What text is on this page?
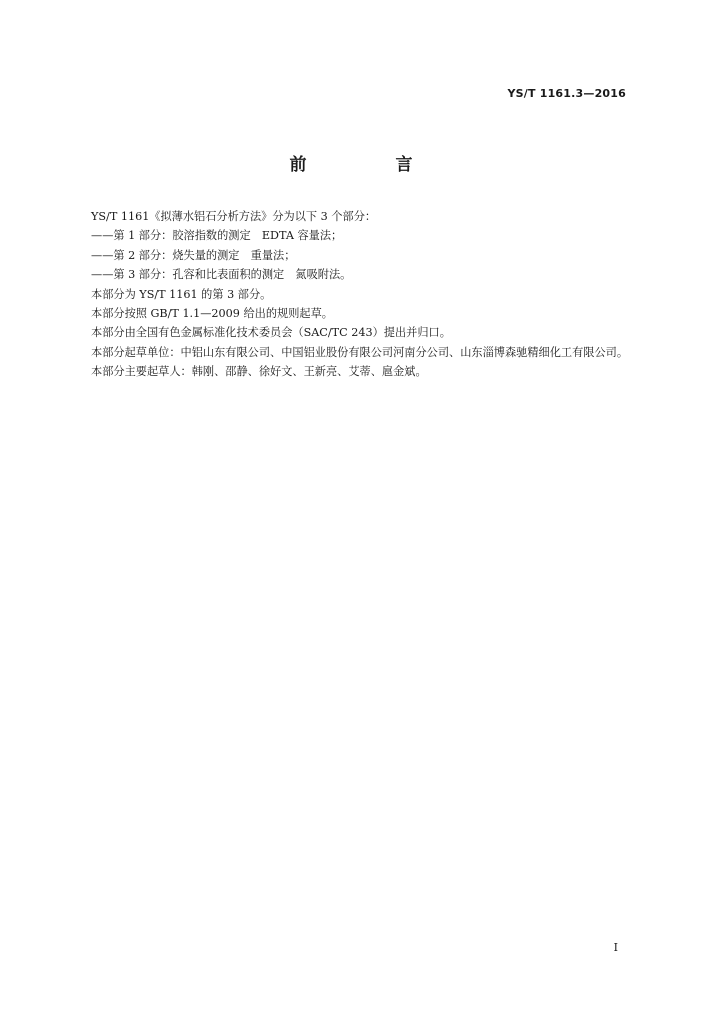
YS/T 1161.3—2016
前　言

YS/T 1161《拟薄水铝石分析方法》分为以下 3 个部分：

——第 1 部分：胶溶指数的测定　EDTA 容量法；

——第 2 部分：烧失量的测定　重量法；

——第 3 部分：孔容和比表面积的测定　氮吸附法。

本部分为 YS/T 1161 的第 3 部分。

本部分按照 GB/T 1.1—2009 给出的规则起草。

本部分由全国有色金属标准化技术委员会（SAC/TC 243）提出并归口。

本部分起草单位：中铝山东有限公司、中国铝业股份有限公司河南分公司、山东淄博森驰精细化工有限公司。

本部分主要起草人：韩刚、邵静、徐好文、王新亮、艾蒂、扈金斌。

I
